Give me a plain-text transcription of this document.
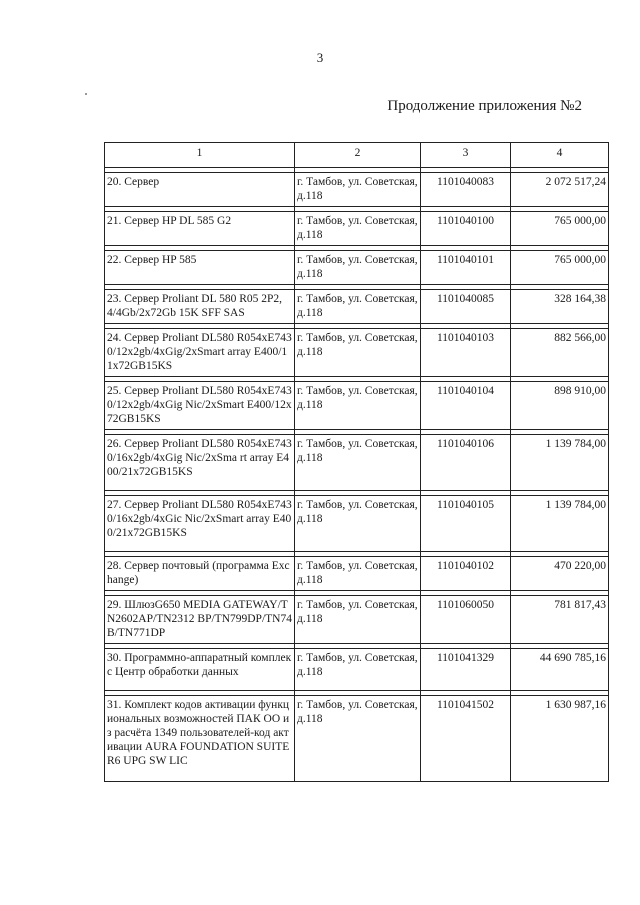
3
Продолжение приложения №2
1	2	3	4

20. Сервер	г. Тамбов, ул. Советская, д.118	1101040083	2 072 517,24

21. Сервер HP DL 585 G2	г. Тамбов, ул. Советская, д.118	1101040100	765 000,00

22. Сервер HP 585	г. Тамбов, ул. Советская, д.118	1101040101	765 000,00

23. Сервер Proliant DL 580 R05 2P2, 4/4Gb/2x72Gb 15K SFF SAS	г. Тамбов, ул. Советская, д.118	1101040085	328 164,38

24. Сервер Proliant DL580 R054xE7430/12x2gb/4xGig/2xSmart array E400/11x72GB15KS	г. Тамбов, ул. Советская, д.118	1101040103	882 566,00

25. Сервер Proliant DL580 R054xE7430/12x2gb/4xGig Nic/2xSmart E400/12x72GB15KS	г. Тамбов, ул. Советская, д.118	1101040104	898 910,00

26. Сервер Proliant DL580 R054xE7430/16x2gb/4xGig Nic/2xSma rt array E400/21x72GB15KS	г. Тамбов, ул. Советская, д.118	1101040106	1 139 784,00

27. Сервер Proliant DL580 R054xE7430/16x2gb/4xGic Nic/2xSmart array E400/21x72GB15KS	г. Тамбов, ул. Советская, д.118	1101040105	1 139 784,00

28. Сервер почтовый (программа Exchange)	г. Тамбов, ул. Советская, д.118	1101040102	470 220,00

29. ШлюзG650 MEDIA GATEWAY/TN2602AP/TN2312 BP/TN799DP/TN74B/TN771DP	г. Тамбов, ул. Советская, д.118	1101060050	781 817,43

30. Программно-аппаратный комплекс Центр обработки данных	г. Тамбов, ул. Советская, д.118	1101041329	44 690 785,16

31. Комплект кодов активации функциональных возможностей ПАК ОО из расчёта 1349 пользователей-код активации AURA FOUNDATION SUITE R6 UPG SW LIC	г. Тамбов, ул. Советская, д.118	1101041502	1 630 987,16
